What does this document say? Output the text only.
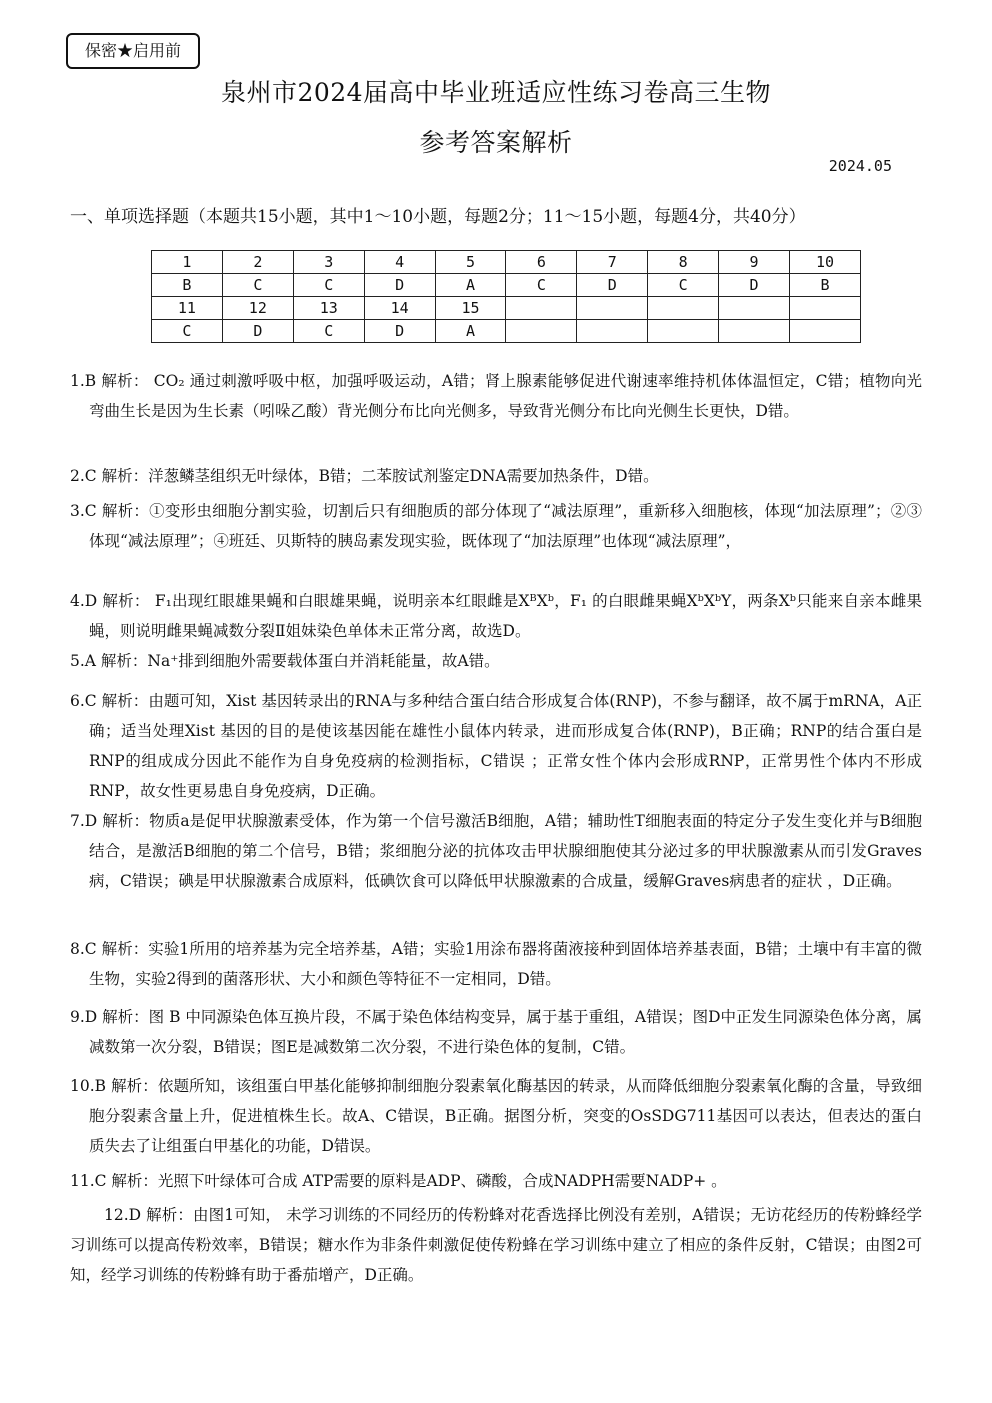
保密★启用前
泉州市2024届高中毕业班适应性练习卷高三生物
参考答案解析
2024.05
一、单项选择题（本题共15小题，其中1～10小题，每题2分；11～15小题，每题4分，共40分）
1	2	3	4	5	6	7	8	9	10
B	C	C	D	A	C	D	C	D	B
11	12	13	14	15					
C	D	C	D	A					
1.B 解析： CO₂ 通过刺激呼吸中枢，加强呼吸运动，A错；肾上腺素能够促进代谢速率维持机体体温恒定，C错；植物向光弯曲生长是因为生长素（吲哚乙酸）背光侧分布比向光侧多，导致背光侧分布比向光侧生长更快，D错。
2.C 解析：洋葱鳞茎组织无叶绿体，B错；二苯胺试剂鉴定DNA需要加热条件，D错。
3.C 解析：①变形虫细胞分割实验，切割后只有细胞质的部分体现了“减法原理”，重新移入细胞核，体现“加法原理”；②③体现“减法原理”；④班廷、贝斯特的胰岛素发现实验，既体现了“加法原理”也体现“减法原理”，
4.D 解析： F₁出现红眼雄果蝇和白眼雄果蝇，说明亲本红眼雌是XᴮXᵇ，F₁ 的白眼雌果蝇XᵇXᵇY，两条Xᵇ只能来自亲本雌果蝇，则说明雌果蝇减数分裂Ⅱ姐妹染色单体未正常分离，故选D。
5.A 解析：Na⁺排到细胞外需要载体蛋白并消耗能量，故A错。
6.C 解析：由题可知，Xist 基因转录出的RNA与多种结合蛋白结合形成复合体(RNP)，不参与翻译，故不属于mRNA，A正确；适当处理Xist 基因的目的是使该基因能在雄性小鼠体内转录，进而形成复合体(RNP)，B正确；RNP的结合蛋白是RNP的组成成分因此不能作为自身免疫病的检测指标，C错误 ；正常女性个体内会形成RNP，正常男性个体内不形成RNP，故女性更易患自身免疫病，D正确。
7.D 解析：物质a是促甲状腺激素受体，作为第一个信号激活B细胞，A错；辅助性T细胞表面的特定分子发生变化并与B细胞结合，是激活B细胞的第二个信号，B错；浆细胞分泌的抗体攻击甲状腺细胞使其分泌过多的甲状腺激素从而引发Graves病，C错误；碘是甲状腺激素合成原料，低碘饮食可以降低甲状腺激素的合成量，缓解Graves病患者的症状 ，D正确。
8.C 解析：实验1所用的培养基为完全培养基，A错；实验1用涂布器将菌液接种到固体培养基表面，B错；土壤中有丰富的微生物，实验2得到的菌落形状、大小和颜色等特征不一定相同，D错。
9.D 解析：图 B 中同源染色体互换片段，不属于染色体结构变异，属于基于重组，A错误；图D中正发生同源染色体分离，属减数第一次分裂，B错误；图E是减数第二次分裂，不进行染色体的复制，C错。
10.B 解析：依题所知，该组蛋白甲基化能够抑制细胞分裂素氧化酶基因的转录，从而降低细胞分裂素氧化酶的含量，导致细胞分裂素含量上升，促进植株生长。故A、C错误，B正确。据图分析，突变的OsSDG711基因可以表达，但表达的蛋白质失去了让组蛋白甲基化的功能，D错误。
11.C 解析：光照下叶绿体可合成 ATP需要的原料是ADP、磷酸，合成NADPH需要NADP+ 。
12.D 解析：由图1可知， 未学习训练的不同经历的传粉蜂对花香选择比例没有差别，A错误；无访花经历的传粉蜂经学习训练可以提高传粉效率，B错误；糖水作为非条件刺激促使传粉蜂在学习训练中建立了相应的条件反射，C错误；由图2可知，经学习训练的传粉蜂有助于番茄增产，D正确。
